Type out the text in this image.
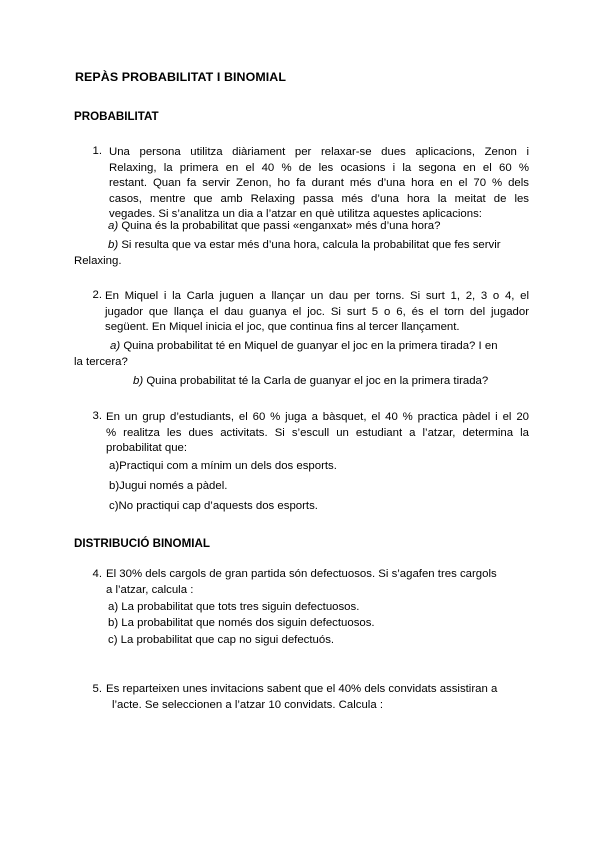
REPÀS PROBABILITAT I BINOMIAL
PROBABILITAT
1. Una persona utilitza diàriament per relaxar-se dues aplicacions, Zenon i
Relaxing, la primera en el 40 % de les ocasions i la segona en el 60 %
restant. Quan fa servir Zenon, ho fa durant més d’una hora en el 70 % dels
casos, mentre que amb Relaxing passa més d’una hora la meitat de les
vegades. Si s’analitza un dia a l’atzar en què utilitza aquestes aplicacions:
a) Quina és la probabilitat que passi «enganxat» més d’una hora?
b) Si resulta que va estar més d’una hora, calcula la probabilitat que fes servir
Relaxing.
2. En Miquel i la Carla juguen a llançar un dau per torns. Si surt 1, 2, 3 o 4, el
jugador que llança el dau guanya el joc. Si surt 5 o 6, és el torn del jugador
següent. En Miquel inicia el joc, que continua fins al tercer llançament.
a) Quina probabilitat té en Miquel de guanyar el joc en la primera tirada? I en
la tercera?
b) Quina probabilitat té la Carla de guanyar el joc en la primera tirada?
3. En un grup d’estudiants, el 60 % juga a bàsquet, el 40 % practica pàdel i el 20
% realitza les dues activitats. Si s’escull un estudiant a l’atzar, determina la
probabilitat que:
a)Practiqui com a mínim un dels dos esports.
b)Jugui només a pàdel.
c)No practiqui cap d’aquests dos esports.
DISTRIBUCIÓ BINOMIAL
4. El 30% dels cargols de gran partida són defectuosos. Si s’agafen tres cargols
a l’atzar, calcula :
a) La probabilitat que tots tres siguin defectuosos.
b) La probabilitat que només dos siguin defectuosos.
c) La probabilitat que cap no sigui defectuós.
5. Es reparteixen unes invitacions sabent que el 40% dels convidats assistiran a
l’acte. Se seleccionen a l’atzar 10 convidats. Calcula :
